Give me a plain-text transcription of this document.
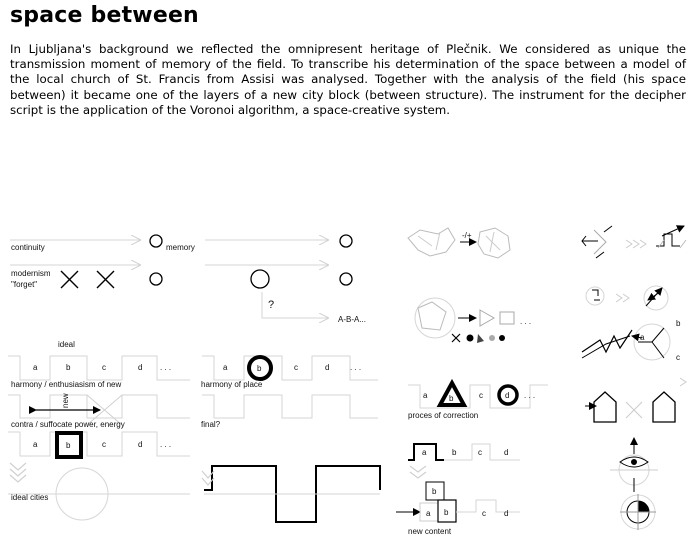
space between

In Ljubljana's background we reflected the omnipresent heritage of Plečnik. We considered as unique the transmission moment of memory of the field. To transcribe his determination of the space between a model of the local church of St. Francis from Assisi was analysed. Together with the analysis of the field (his space between) it became one of the layers of a new city block (between structure). The instrument for the decipher script is the application of the Voronoi algorithm, a space-creative system.

continuity	memory
modernism
"forget"
?
A-B-A...
ideal
a	b	c	d . . .
harmony / enthusiasism of new
a	b	c	d	. . .
harmony of place
new
contra / suffocate power, energy	final?
a	b	c	d . . .
ideal cities
-/+
. . .
a	b	c	d . . .
proces of correction
a	b	c	d
b
a b	c d
new content
a
b
c
